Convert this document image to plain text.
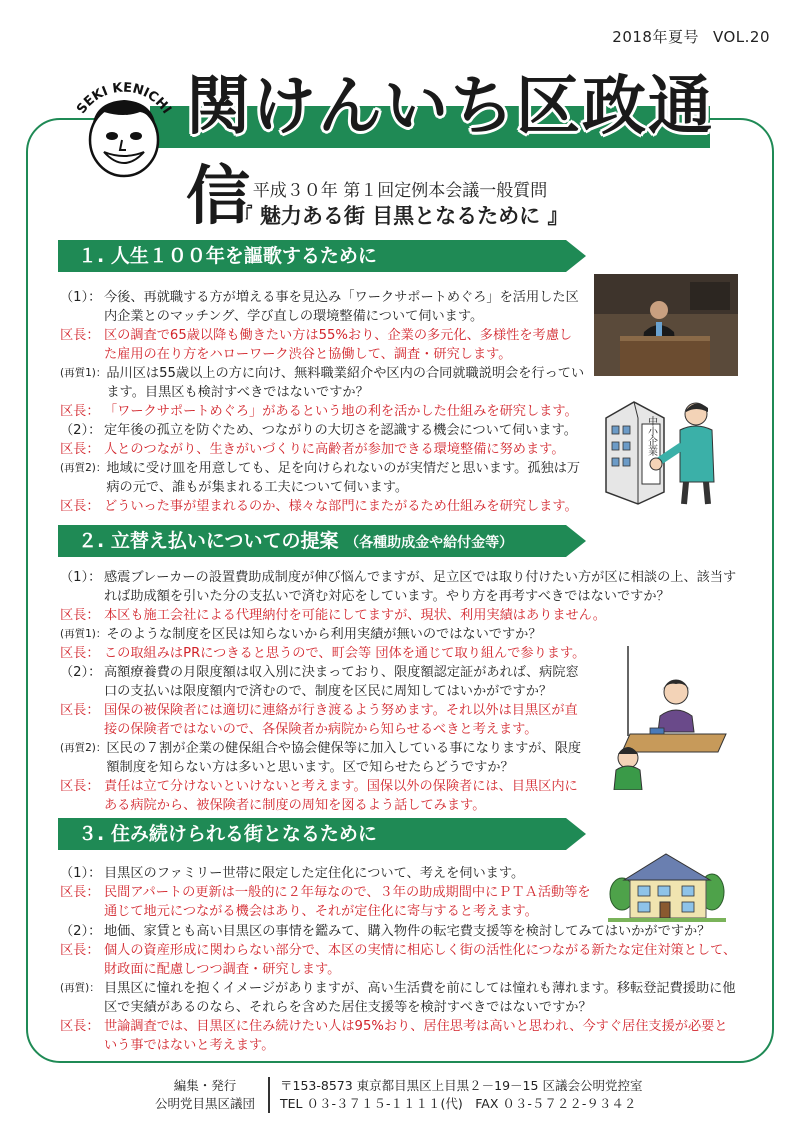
2018年夏号 VOL.20
SEKI KENICHI 関けんいち区政通信 平成３０年 第１回定例本会議一般質問
『 魅力ある街 目黒となるために 』
１. 人生１００年を謳歌するために
（1）： 今後、再就職する方が増える事を見込み「ワークサポートめぐろ」を活用した区内企業とのマッチング、学び直しの環境整備について伺います。
区長： 区の調査で65歳以降も働きたい方は55%おり、企業の多元化、多様性を考慮した雇用の在り方をハローワーク渋谷と協働して、調査・研究します。
(再質1)： 品川区は55歳以上の方に向け、無料職業紹介や区内の合同就職説明会を行っています。目黒区も検討すべきではないですか？
区長： 「ワークサポートめぐろ」があるという地の利を活かした仕組みを研究します。
（2）： 定年後の孤立を防ぐため、つながりの大切さを認識する機会について伺います。
区長： 人とのつながり、生きがいづくりに高齢者が参加できる環境整備に努めます。
(再質2)： 地域に受け皿を用意しても、足を向けられないのが実情だと思います。孤独は万病の元で、誰もが集まれる工夫について伺います。
区長： どういった事が望まれるのか、様々な部門にまたがるため仕組みを研究します。
中小企業
２. 立替え払いについての提案 （各種助成金や給付金等）
（1）： 感震ブレーカーの設置費助成制度が伸び悩んでますが、足立区では取り付けたい方が区に相談の上、該当すれば助成額を引いた分の支払いで済む対応をしています。やり方を再考すべきではないですか？
区長： 本区も施工会社による代理納付を可能にしてますが、現状、利用実績はありません。
(再質1)： そのような制度を区民は知らないから利用実績が無いのではないですか？
区長： この取組みはPRにつきると思うので、町会等 団体を通じて取り組んで参ります。
（2）： 高額療養費の月限度額は収入別に決まっており、限度額認定証があれば、病院窓口の支払いは限度額内で済むので、制度を区民に周知してはいかがですか？
区長： 国保の被保険者には適切に連絡が行き渡るよう努めます。それ以外は目黒区が直接の保険者ではないので、各保険者か病院から知らせるべきと考えます。
(再質2)： 区民の７割が企業の健保組合や協会健保等に加入している事になりますが、限度額制度を知らない方は多いと思います。区で知らせたらどうですか？
区長： 責任は立て分けないといけないと考えます。国保以外の保険者には、目黒区内にある病院から、被保険者に制度の周知を図るよう話してみます。
３. 住み続けられる街となるために
（1）： 目黒区のファミリー世帯に限定した定住化について、考えを伺います。
区長： 民間アパートの更新は一般的に２年毎なので、３年の助成期間中にＰＴＡ活動等を通じて地元につながる機会はあり、それが定住化に寄与すると考えます。
（2）： 地価、家賃とも高い目黒区の事情を鑑みて、購入物件の転宅費支援等を検討してみてはいかがですか？
区長： 個人の資産形成に関わらない部分で、本区の実情に相応しく街の活性化につながる新たな定住対策として、財政面に配慮しつつ調査・研究します。
(再質)： 目黒区に憧れを抱くイメージがありますが、高い生活費を前にしては憧れも薄れます。移転登記費援助に他区で実績があるのなら、それらを含めた居住支援等を検討すべきではないですか？
区長： 世論調査では、目黒区に住み続けたい人は95%おり、居住思考は高いと思われ、今すぐ居住支援が必要という事ではないと考えます。
編集・発行
公明党目黒区議団
〒153-8573 東京都目黒区上目黒２－19－15 区議会公明党控室
TEL ０３-３７１５-１１１１(代)　FAX ０３-５７２２-９３４２
